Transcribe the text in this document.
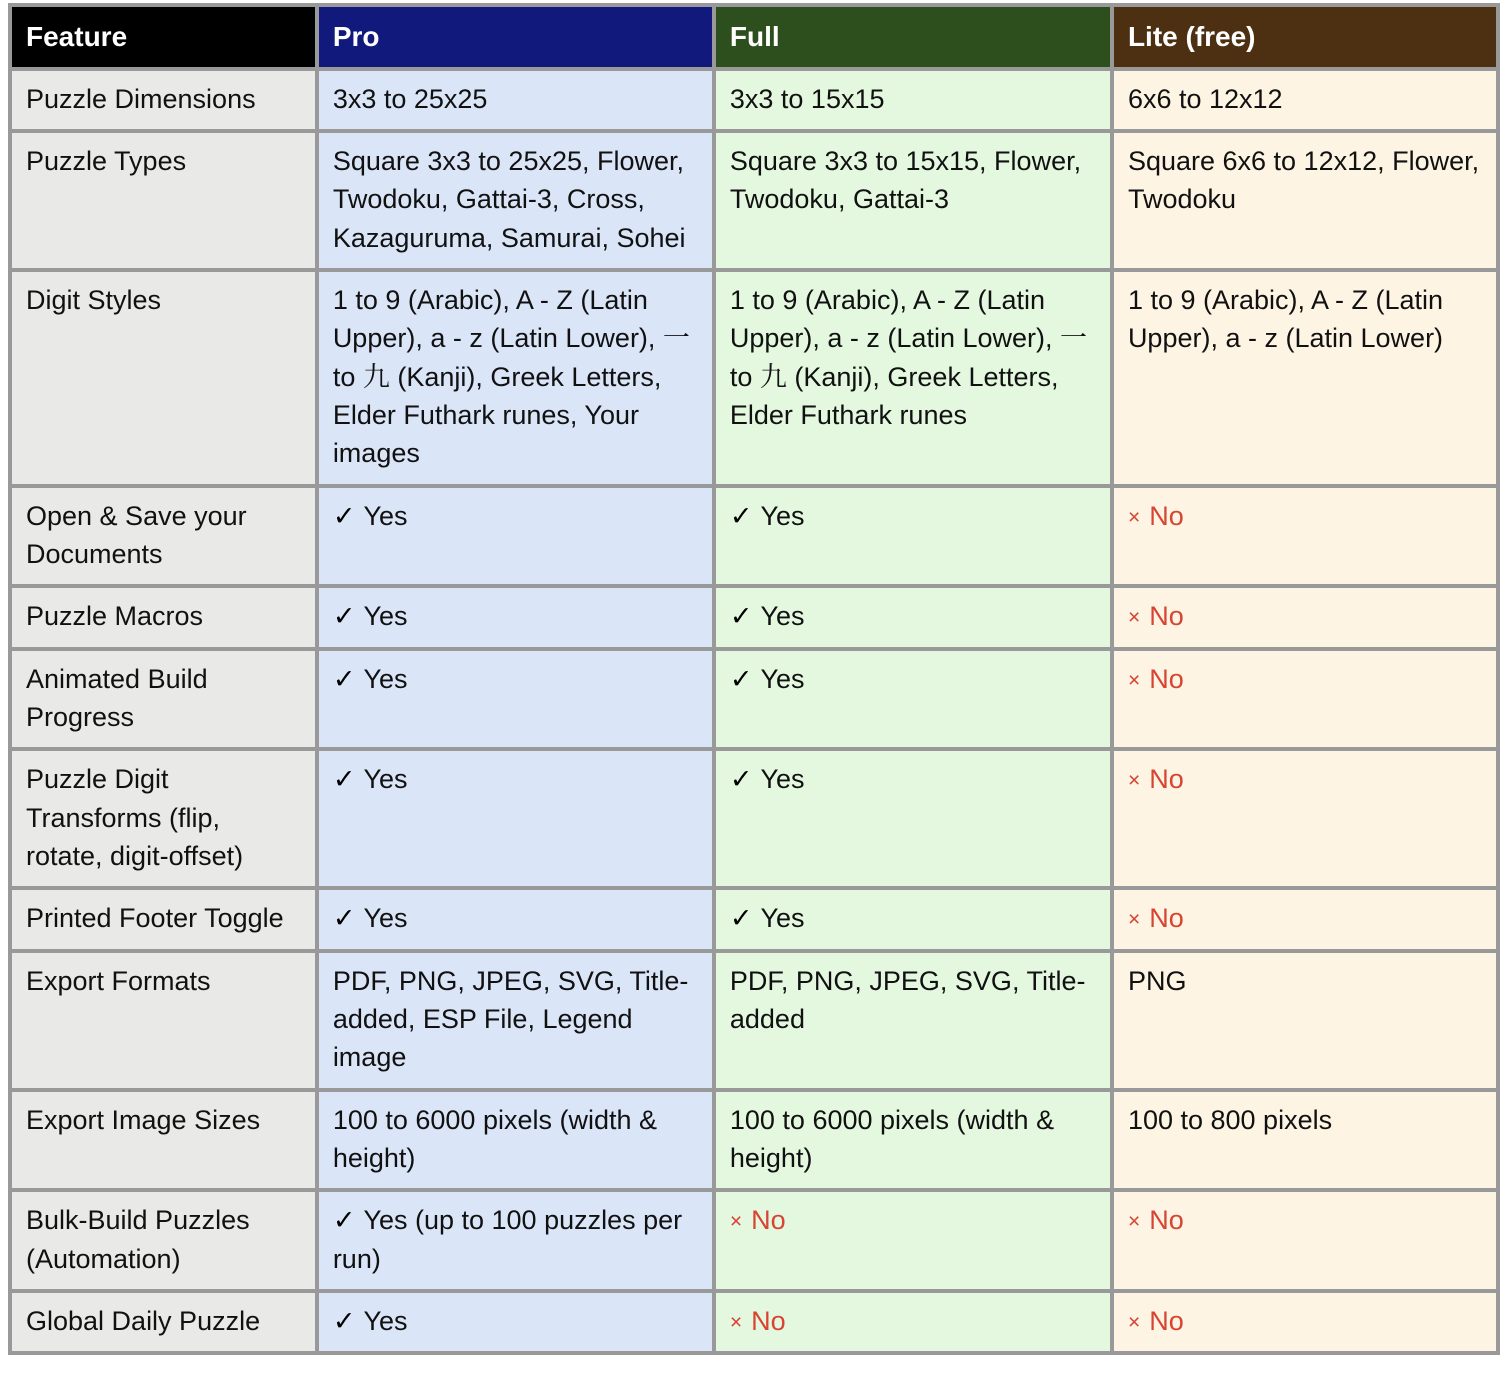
Feature	Pro	Full	Lite (free)
Puzzle Dimensions	3x3 to 25x25	3x3 to 15x15	6x6 to 12x12
Puzzle Types	Square 3x3 to 25x25, Flower, Twodoku, Gattai-3, Cross, Kazaguruma, Samurai, Sohei	Square 3x3 to 15x15, Flower, Twodoku, Gattai-3	Square 6x6 to 12x12, Flower, Twodoku
Digit Styles	1 to 9 (Arabic), A - Z (Latin Upper), a - z (Latin Lower), 一 to 九 (Kanji), Greek Letters, Elder Futhark runes, Your images	1 to 9 (Arabic), A - Z (Latin Upper), a - z (Latin Lower), 一 to 九 (Kanji), Greek Letters, Elder Futhark runes	1 to 9 (Arabic), A - Z (Latin Upper), a - z (Latin Lower)
Open & Save your Documents	✓ Yes	✓ Yes	× No
Puzzle Macros	✓ Yes	✓ Yes	× No
Animated Build Progress	✓ Yes	✓ Yes	× No
Puzzle Digit Transforms (flip, rotate, digit-offset)	✓ Yes	✓ Yes	× No
Printed Footer Toggle	✓ Yes	✓ Yes	× No
Export Formats	PDF, PNG, JPEG, SVG, Title-added, ESP File, Legend image	PDF, PNG, JPEG, SVG, Title-added	PNG
Export Image Sizes	100 to 6000 pixels (width & height)	100 to 6000 pixels (width & height)	100 to 800 pixels
Bulk-Build Puzzles (Automation)	✓ Yes (up to 100 puzzles per run)	× No	× No
Global Daily Puzzle	✓ Yes	× No	× No
